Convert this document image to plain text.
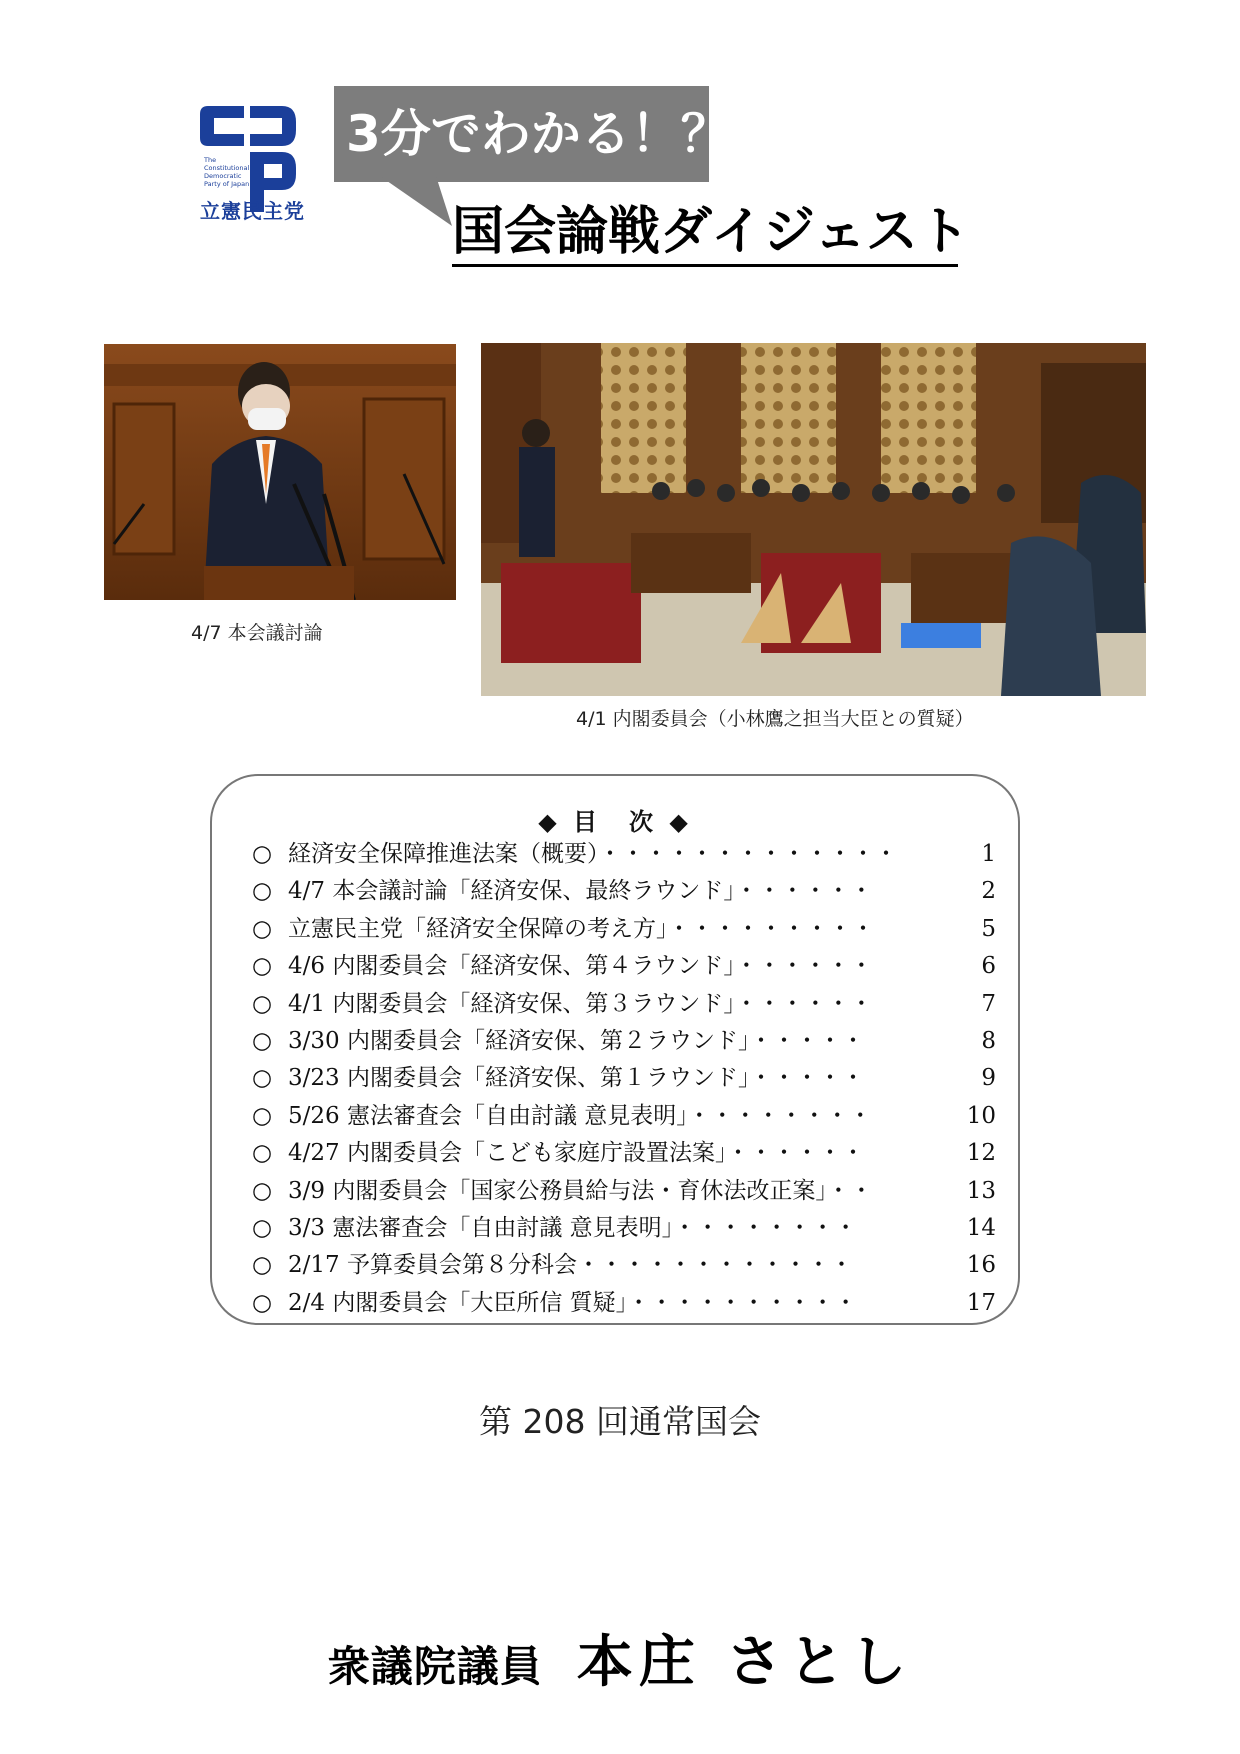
The
Constitutional
Democratic
Party of Japan
立憲民主党
3分でわかる！？
国会論戦ダイジェスト
4/7 本会議討論
4/1 内閣委員会（小林鷹之担当大臣との質疑）
◆ 目　次 ◆
○ 経済安全保障推進法案（概要）・・・・・・・・・・・・・	1
○ 4/7 本会議討論「経済安保、最終ラウンド」・・・・・・	2
○ 立憲民主党「経済安全保障の考え方」・・・・・・・・・	5
○ 4/6 内閣委員会「経済安保、第４ラウンド」・・・・・・	6
○ 4/1 内閣委員会「経済安保、第３ラウンド」・・・・・・	7
○ 3/30 内閣委員会「経済安保、第２ラウンド」・・・・・	8
○ 3/23 内閣委員会「経済安保、第１ラウンド」・・・・・	9
○ 5/26 憲法審査会「自由討議 意見表明」・・・・・・・・	10
○ 4/27 内閣委員会「こども家庭庁設置法案」・・・・・・	12
○ 3/9 内閣委員会「国家公務員給与法・育休法改正案」・・	13
○ 3/3 憲法審査会「自由討議 意見表明」・・・・・・・・	14
○ 2/17 予算委員会第８分科会・・・・・・・・・・・・	16
○ 2/4 内閣委員会「大臣所信 質疑」・・・・・・・・・・	17
第 208 回通常国会
衆議院議員 本庄 さとし
